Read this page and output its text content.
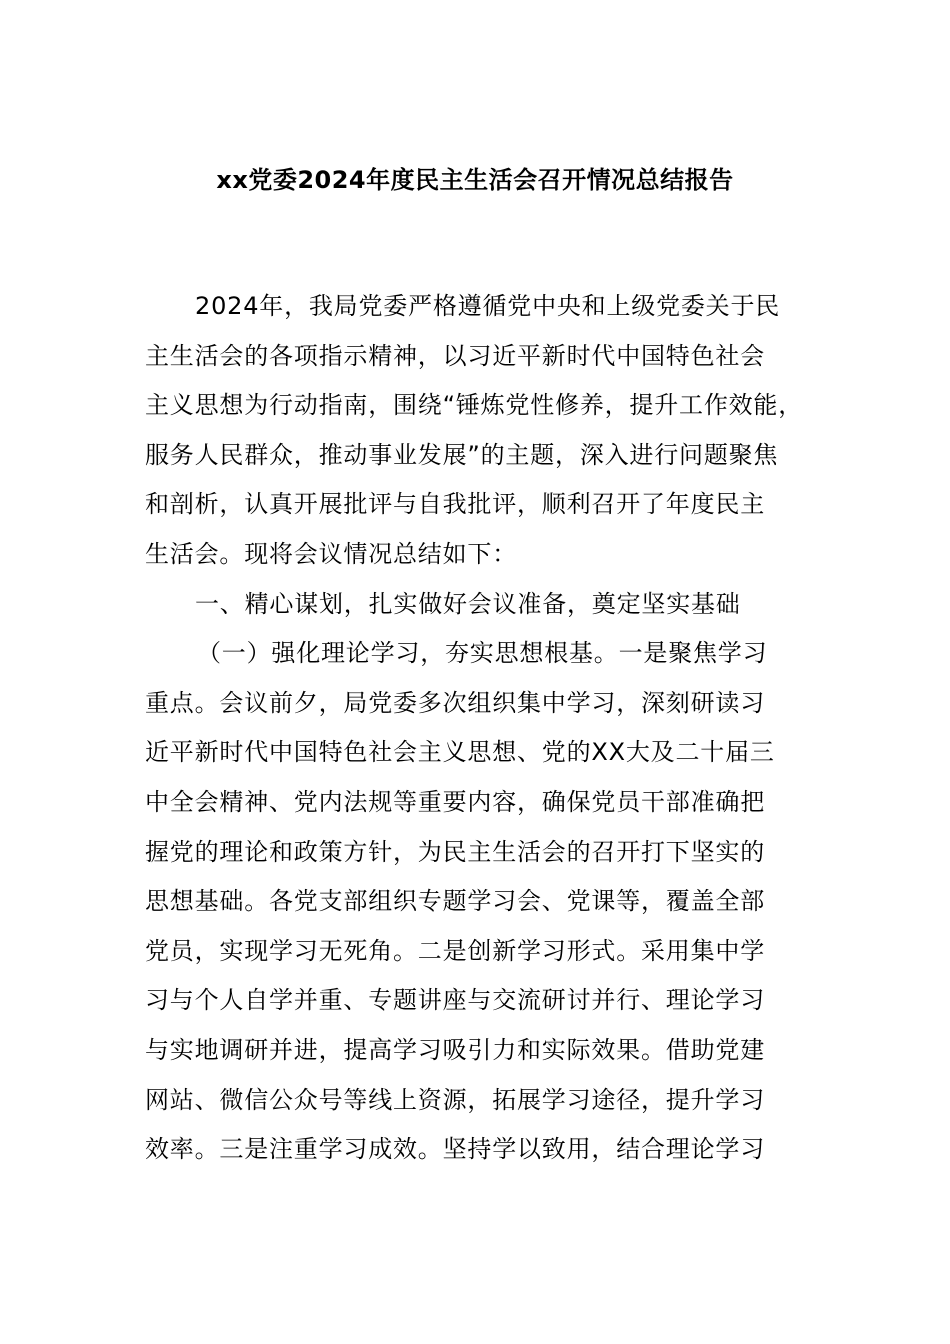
xx党委2024年度民主生活会召开情况总结报告
2024年，我局党委严格遵循党中央和上级党委关于民
主生活会的各项指示精神，以习近平新时代中国特色社会
主义思想为行动指南，围绕“锤炼党性修养，提升工作效能，
服务人民群众，推动事业发展”的主题，深入进行问题聚焦
和剖析，认真开展批评与自我批评，顺利召开了年度民主
生活会。现将会议情况总结如下：
一、精心谋划，扎实做好会议准备，奠定坚实基础
（一）强化理论学习，夯实思想根基。一是聚焦学习
重点。会议前夕，局党委多次组织集中学习，深刻研读习
近平新时代中国特色社会主义思想、党的XX大及二十届三
中全会精神、党内法规等重要内容，确保党员干部准确把
握党的理论和政策方针，为民主生活会的召开打下坚实的
思想基础。各党支部组织专题学习会、党课等，覆盖全部
党员，实现学习无死角。二是创新学习形式。采用集中学
习与个人自学并重、专题讲座与交流研讨并行、理论学习
与实地调研并进，提高学习吸引力和实际效果。借助党建
网站、微信公众号等线上资源，拓展学习途径，提升学习
效率。三是注重学习成效。坚持学以致用，结合理论学习
